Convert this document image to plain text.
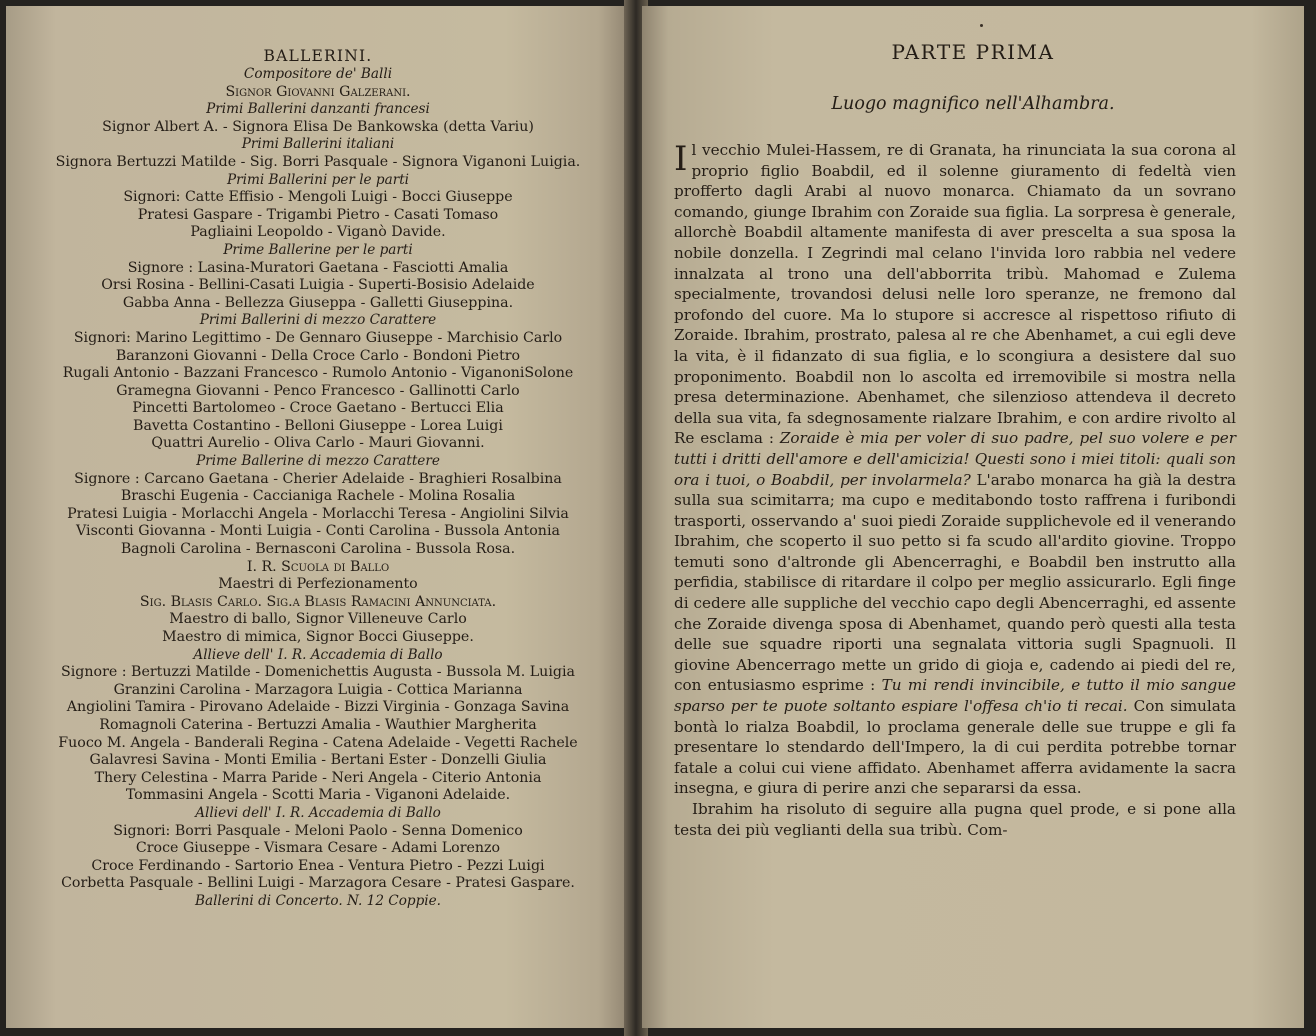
BALLERINI.
Compositore de' Balli
Signor Giovanni Galzerani.
Primi Ballerini danzanti francesi
Signor Albert A. - Signora Elisa De Bankowska (detta Variu)
Primi Ballerini italiani
Signora Bertuzzi Matilde - Sig. Borri Pasquale - Signora Viganoni Luigia.
Primi Ballerini per le parti
Signori: Catte Effisio - Mengoli Luigi - Bocci Giuseppe
Pratesi Gaspare - Trigambi Pietro - Casati Tomaso
Pagliaini Leopoldo - Viganò Davide.
Prime Ballerine per le parti
Signore : Lasina-Muratori Gaetana - Fasciotti Amalia
Orsi Rosina - Bellini-Casati Luigia - Superti-Bosisio Adelaide
Gabba Anna - Bellezza Giuseppa - Galletti Giuseppina.
Primi Ballerini di mezzo Carattere
Signori: Marino Legittimo - De Gennaro Giuseppe - Marchisio Carlo
Baranzoni Giovanni - Della Croce Carlo - Bondoni Pietro
Rugali Antonio - Bazzani Francesco - Rumolo Antonio - ViganoniSolone
Gramegna Giovanni - Penco Francesco - Gallinotti Carlo
Pincetti Bartolomeo - Croce Gaetano - Bertucci Elia
Bavetta Costantino - Belloni Giuseppe - Lorea Luigi
Quattri Aurelio - Oliva Carlo - Mauri Giovanni.
Prime Ballerine di mezzo Carattere
Signore : Carcano Gaetana - Cherier Adelaide - Braghieri Rosalbina
Braschi Eugenia - Caccianiga Rachele - Molina Rosalia
Pratesi Luigia - Morlacchi Angela - Morlacchi Teresa - Angiolini Silvia
Visconti Giovanna - Monti Luigia - Conti Carolina - Bussola Antonia
Bagnoli Carolina - Bernasconi Carolina - Bussola Rosa.
I. R. Scuola di Ballo
Maestri di Perfezionamento
Sig. Blasis Carlo. Sig.a Blasis Ramacini Annunciata.
Maestro di ballo, Signor Villeneuve Carlo
Maestro di mimica, Signor Bocci Giuseppe.
Allieve dell' I. R. Accademia di Ballo
Signore : Bertuzzi Matilde - Domenichettis Augusta - Bussola M. Luigia
Granzini Carolina - Marzagora Luigia - Cottica Marianna
Angiolini Tamira - Pirovano Adelaide - Bizzi Virginia - Gonzaga Savina
Romagnoli Caterina - Bertuzzi Amalia - Wauthier Margherita
Fuoco M. Angela - Banderali Regina - Catena Adelaide - Vegetti Rachele
Galavresi Savina - Monti Emilia - Bertani Ester - Donzelli Giulia
Thery Celestina - Marra Paride - Neri Angela - Citerio Antonia
Tommasini Angela - Scotti Maria - Viganoni Adelaide.
Allievi dell' I. R. Accademia di Ballo
Signori: Borri Pasquale - Meloni Paolo - Senna Domenico
Croce Giuseppe - Vismara Cesare - Adami Lorenzo
Croce Ferdinando - Sartorio Enea - Ventura Pietro - Pezzi Luigi
Corbetta Pasquale - Bellini Luigi - Marzagora Cesare - Pratesi Gaspare.
Ballerini di Concerto. N. 12 Coppie.
PARTE PRIMA
Luogo magnifico nell'Alhambra.

Il vecchio Mulei-Hassem, re di Granata, ha rinunciata la sua corona al proprio figlio Boabdil, ed il solenne giuramento di fedeltà vien profferto dagli Arabi al nuovo monarca. Chiamato da un sovrano comando, giunge Ibrahim con Zoraide sua figlia. La sorpresa è generale, allorchè Boabdil altamente manifesta di aver prescelta a sua sposa la nobile donzella. I Zegrindi mal celano l'invida loro rabbia nel vedere innalzata al trono una dell'abborrita tribù. Mahomad e Zulema specialmente, trovandosi delusi nelle loro speranze, ne fremono dal profondo del cuore. Ma lo stupore si accresce al rispettoso rifiuto di Zoraide. Ibrahim, prostrato, palesa al re che Abenhamet, a cui egli deve la vita, è il fidanzato di sua figlia, e lo scongiura a desistere dal suo proponimento. Boabdil non lo ascolta ed irremovibile si mostra nella presa determinazione. Abenhamet, che silenzioso attendeva il decreto della sua vita, fa sdegnosamente rialzare Ibrahim, e con ardire rivolto al Re esclama : Zoraide è mia per voler di suo padre, pel suo volere e per tutti i dritti dell'amore e dell'amicizia! Questi sono i miei titoli: quali son ora i tuoi, o Boabdil, per involarmela? L'arabo monarca ha già la destra sulla sua scimitarra; ma cupo e meditabondo tosto raffrena i furibondi trasporti, osservando a' suoi piedi Zoraide supplichevole ed il venerando Ibrahim, che scoperto il suo petto si fa scudo all'ardito giovine. Troppo temuti sono d'altronde gli Abencerraghi, e Boabdil ben instrutto alla perfidia, stabilisce di ritardare il colpo per meglio assicurarlo. Egli finge di cedere alle suppliche del vecchio capo degli Abencerraghi, ed assente che Zoraide divenga sposa di Abenhamet, quando però questi alla testa delle sue squadre riporti una segnalata vittoria sugli Spagnuoli. Il giovine Abencerrago mette un grido di gioja e, cadendo ai piedi del re, con entusiasmo esprime : Tu mi rendi invincibile, e tutto il mio sangue sparso per te puote soltanto espiare l'offesa ch'io ti recai. Con simulata bontà lo rialza Boabdil, lo proclama generale delle sue truppe e gli fa presentare lo stendardo dell'Impero, la di cui perdita potrebbe tornar fatale a colui cui viene affidato. Abenhamet afferra avidamente la sacra insegna, e giura di perire anzi che separarsi da essa.

Ibrahim ha risoluto di seguire alla pugna quel prode, e si pone alla testa dei più veglianti della sua tribù. Com-
